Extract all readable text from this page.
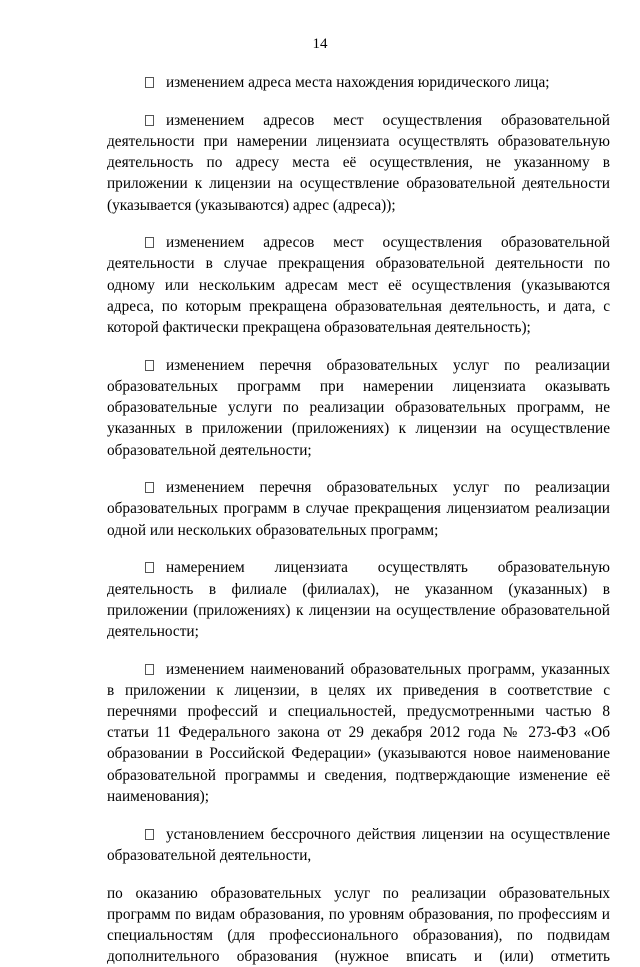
14

изменением адреса места нахождения юридического лица;

изменением адресов мест осуществления образовательной деятельности при намерении лицензиата осуществлять образовательную деятельность по адресу места её осуществления, не указанному в приложении к лицензии на осуществление образовательной деятельности (указывается (указываются) адрес (адреса));

изменением адресов мест осуществления образовательной деятельности в случае прекращения образовательной деятельности по одному или нескольким адресам мест её осуществления (указываются адреса, по которым прекращена образовательная деятельность, и дата, с которой фактически прекращена образовательная деятельность);

изменением перечня образовательных услуг по реализации образовательных программ при намерении лицензиата оказывать образовательные услуги по реализации образовательных программ, не указанных в приложении (приложениях) к лицензии на осуществление образовательной деятельности;

изменением перечня образовательных услуг по реализации образовательных программ в случае прекращения лицензиатом реализации одной или нескольких образовательных программ;

намерением лицензиата осуществлять образовательную деятельность в филиале (филиалах), не указанном (указанных) в приложении (приложениях) к лицензии на осуществление образовательной деятельности;

изменением наименований образовательных программ, указанных в приложении к лицензии, в целях их приведения в соответствие с перечнями профессий и специальностей, предусмотренными частью 8 статьи 11 Федерального закона от 29 декабря 2012 года № 273-ФЗ «Об образовании в Российской Федерации» (указываются новое наименование образовательной программы и сведения, подтверждающие изменение её наименования);

установлением бессрочного действия лицензии на осуществление образовательной деятельности,

по оказанию образовательных услуг по реализации образовательных программ по видам образования, по уровням образования, по профессиям и специальностям (для профессионального образования), по подвидам дополнительного образования (нужное вписать и (или) отметить
